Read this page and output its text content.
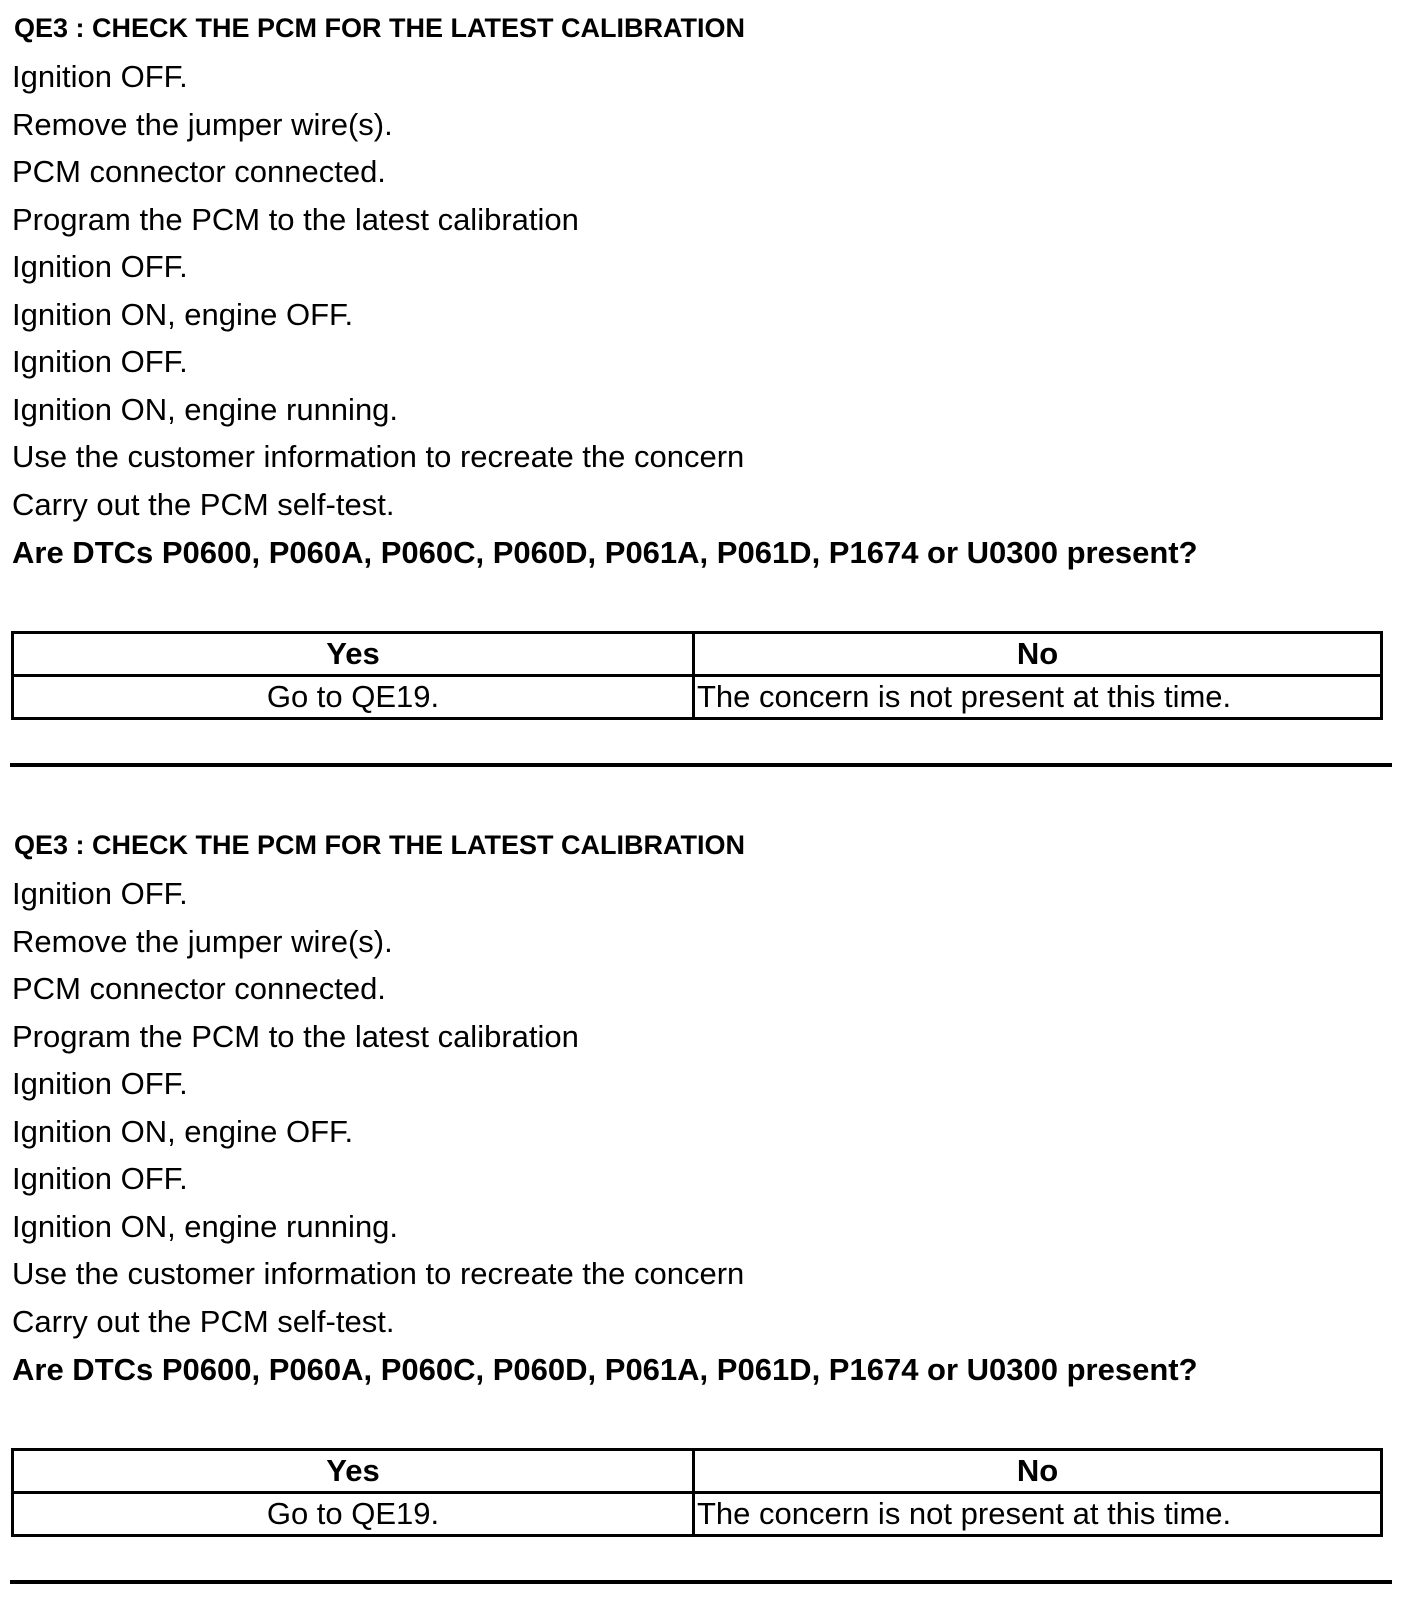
QE3 : CHECK THE PCM FOR THE LATEST CALIBRATION
Ignition OFF.
Remove the jumper wire(s).
PCM connector connected.
Program the PCM to the latest calibration
Ignition OFF.
Ignition ON, engine OFF.
Ignition OFF.
Ignition ON, engine running.
Use the customer information to recreate the concern
Carry out the PCM self-test.
Are DTCs P0600, P060A, P060C, P060D, P061A, P061D, P1674 or U0300 present?
Yes	No
Go to QE19.	The concern is not present at this time.
QE3 : CHECK THE PCM FOR THE LATEST CALIBRATION
Ignition OFF.
Remove the jumper wire(s).
PCM connector connected.
Program the PCM to the latest calibration
Ignition OFF.
Ignition ON, engine OFF.
Ignition OFF.
Ignition ON, engine running.
Use the customer information to recreate the concern
Carry out the PCM self-test.
Are DTCs P0600, P060A, P060C, P060D, P061A, P061D, P1674 or U0300 present?
Yes	No
Go to QE19.	The concern is not present at this time.
